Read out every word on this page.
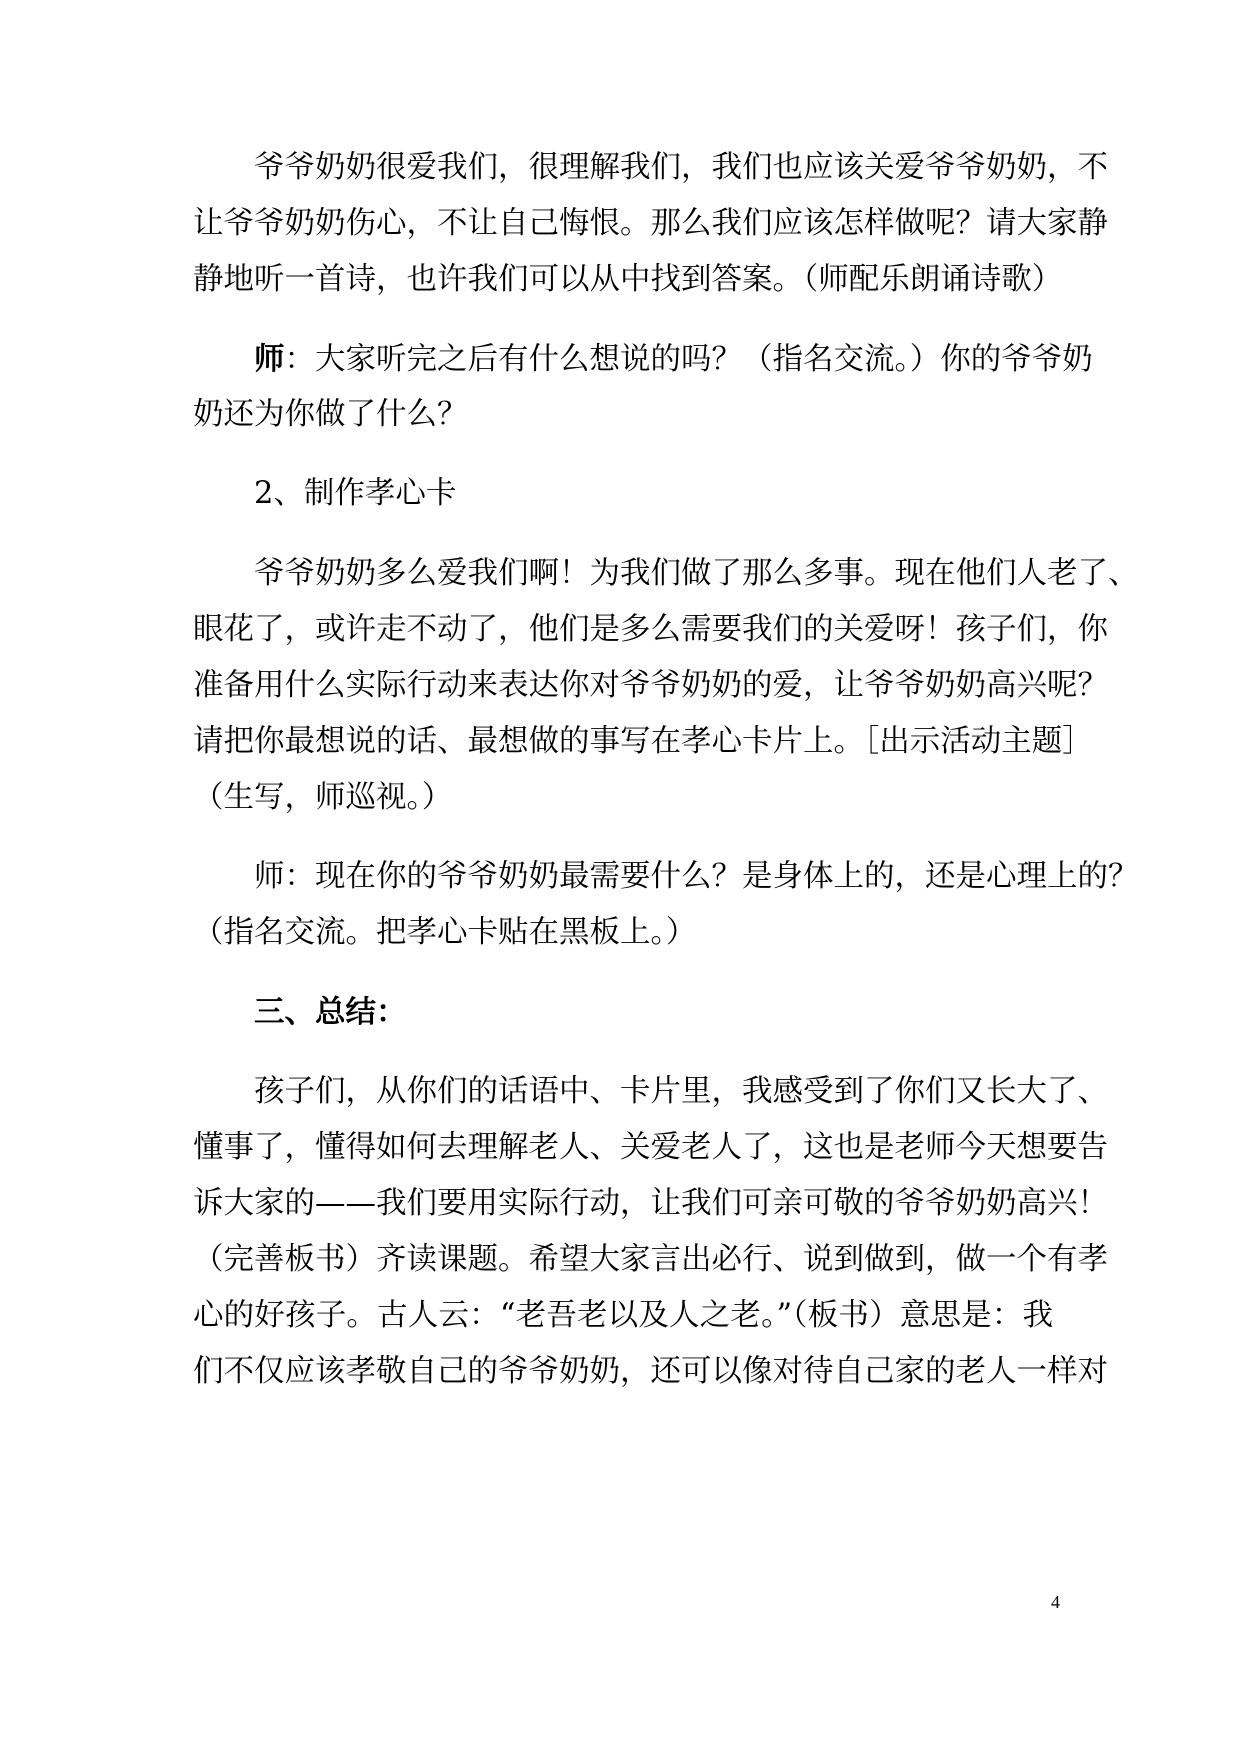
　　爷爷奶奶很爱我们，很理解我们，我们也应该关爱爷爷奶奶，不
让爷爷奶奶伤心，不让自己悔恨。那么我们应该怎样做呢？请大家静
静地听一首诗，也许我们可以从中找到答案。（师配乐朗诵诗歌）
　　师：大家听完之后有什么想说的吗？（指名交流。）你的爷爷奶
奶还为你做了什么？
　　2、制作孝心卡
　　爷爷奶奶多么爱我们啊！为我们做了那么多事。现在他们人老了、
眼花了，或许走不动了，他们是多么需要我们的关爱呀！孩子们，你
准备用什么实际行动来表达你对爷爷奶奶的爱，让爷爷奶奶高兴呢？
请把你最想说的话、最想做的事写在孝心卡片上。［出示活动主题］
（生写，师巡视。）
　　师：现在你的爷爷奶奶最需要什么？是身体上的，还是心理上的？
（指名交流。把孝心卡贴在黑板上。）
　　三、总结：
　　孩子们，从你们的话语中、卡片里，我感受到了你们又长大了、
懂事了，懂得如何去理解老人、关爱老人了，这也是老师今天想要告
诉大家的——我们要用实际行动，让我们可亲可敬的爷爷奶奶高兴！
（完善板书）齐读课题。希望大家言出必行、说到做到，做一个有孝
心的好孩子。古人云：“老吾老以及人之老。”（板书）意思是：我
们不仅应该孝敬自己的爷爷奶奶，还可以像对待自己家的老人一样对
4
